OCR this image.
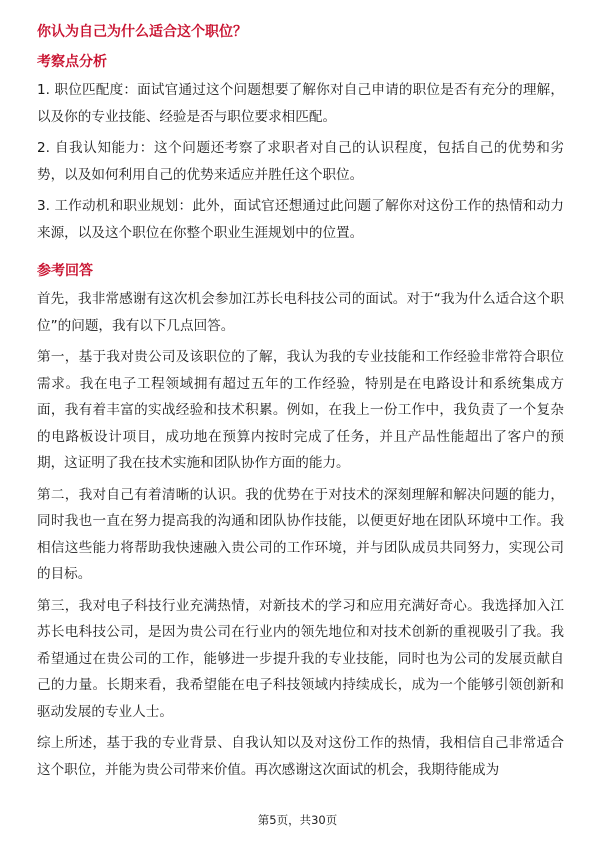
你认为自己为什么适合这个职位？
考察点分析

1. 职位匹配度：面试官通过这个问题想要了解你对自己申请的职位是否有充分的理解，以及你的专业技能、经验是否与职位要求相匹配。

2. 自我认知能力：这个问题还考察了求职者对自己的认识程度，包括自己的优势和劣势，以及如何利用自己的优势来适应并胜任这个职位。

3. 工作动机和职业规划：此外，面试官还想通过此问题了解你对这份工作的热情和动力来源，以及这个职位在你整个职业生涯规划中的位置。

参考回答

首先，我非常感谢有这次机会参加江苏长电科技公司的面试。对于“我为什么适合这个职位”的问题，我有以下几点回答。

第一，基于我对贵公司及该职位的了解，我认为我的专业技能和工作经验非常符合职位需求。我在电子工程领域拥有超过五年的工作经验，特别是在电路设计和系统集成方面，我有着丰富的实战经验和技术积累。例如，在我上一份工作中，我负责了一个复杂的电路板设计项目，成功地在预算内按时完成了任务，并且产品性能超出了客户的预期，这证明了我在技术实施和团队协作方面的能力。

第二，我对自己有着清晰的认识。我的优势在于对技术的深刻理解和解决问题的能力，同时我也一直在努力提高我的沟通和团队协作技能，以便更好地在团队环境中工作。我相信这些能力将帮助我快速融入贵公司的工作环境，并与团队成员共同努力，实现公司的目标。

第三，我对电子科技行业充满热情，对新技术的学习和应用充满好奇心。我选择加入江苏长电科技公司，是因为贵公司在行业内的领先地位和对技术创新的重视吸引了我。我希望通过在贵公司的工作，能够进一步提升我的专业技能，同时也为公司的发展贡献自己的力量。长期来看，我希望能在电子科技领域内持续成长，成为一个能够引领创新和驱动发展的专业人士。

综上所述，基于我的专业背景、自我认知以及对这份工作的热情，我相信自己非常适合这个职位，并能为贵公司带来价值。再次感谢这次面试的机会，我期待能成为

第5页，共30页
